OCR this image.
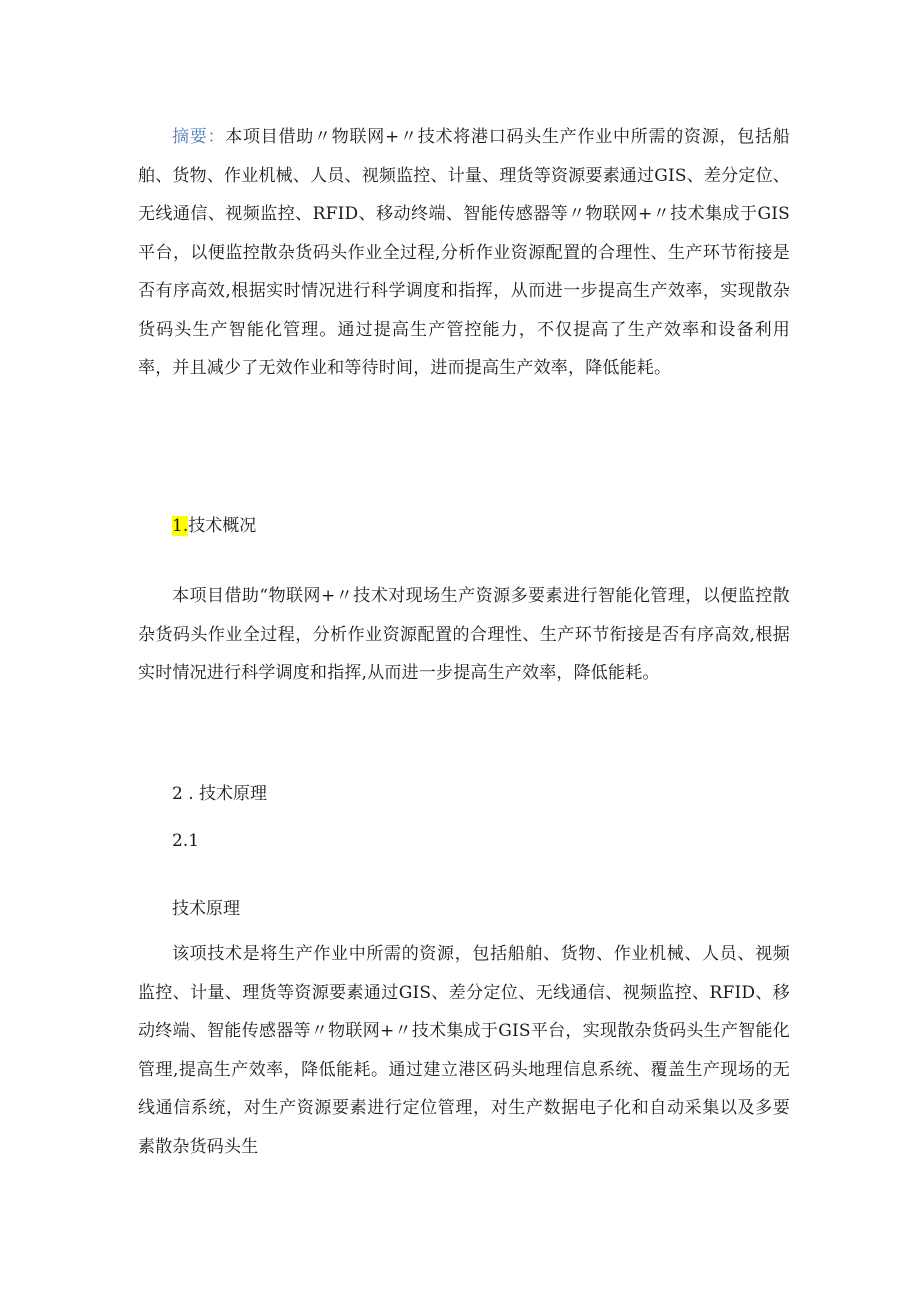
摘要：本项目借助〃物联网+〃技术将港口码头生产作业中所需的资源，包括船舶、货物、作业机械、人员、视频监控、计量、理货等资源要素通过GIS、差分定位、无线通信、视频监控、RFID、移动终端、智能传感器等〃物联网+〃技术集成于GIS平台，以便监控散杂货码头作业全过程,分析作业资源配置的合理性、生产环节衔接是否有序高效,根据实时情况进行科学调度和指挥，从而进一步提高生产效率，实现散杂货码头生产智能化管理。通过提高生产管控能力，不仅提高了生产效率和设备利用率，并且减少了无效作业和等待时间，进而提高生产效率，降低能耗。

1.技术概况

本项目借助“物联网+〃技术对现场生产资源多要素进行智能化管理，以便监控散杂货码头作业全过程，分析作业资源配置的合理性、生产环节衔接是否有序高效,根据实时情况进行科学调度和指挥,从而进一步提高生产效率，降低能耗。

2 . 技术原理

2.1

技术原理

该项技术是将生产作业中所需的资源，包括船舶、货物、作业机械、人员、视频监控、计量、理货等资源要素通过GIS、差分定位、无线通信、视频监控、RFID、移动终端、智能传感器等〃物联网+〃技术集成于GIS平台，实现散杂货码头生产智能化管理,提高生产效率，降低能耗。通过建立港区码头地理信息系统、覆盖生产现场的无线通信系统，对生产资源要素进行定位管理，对生产数据电子化和自动采集以及多要素散杂货码头生
